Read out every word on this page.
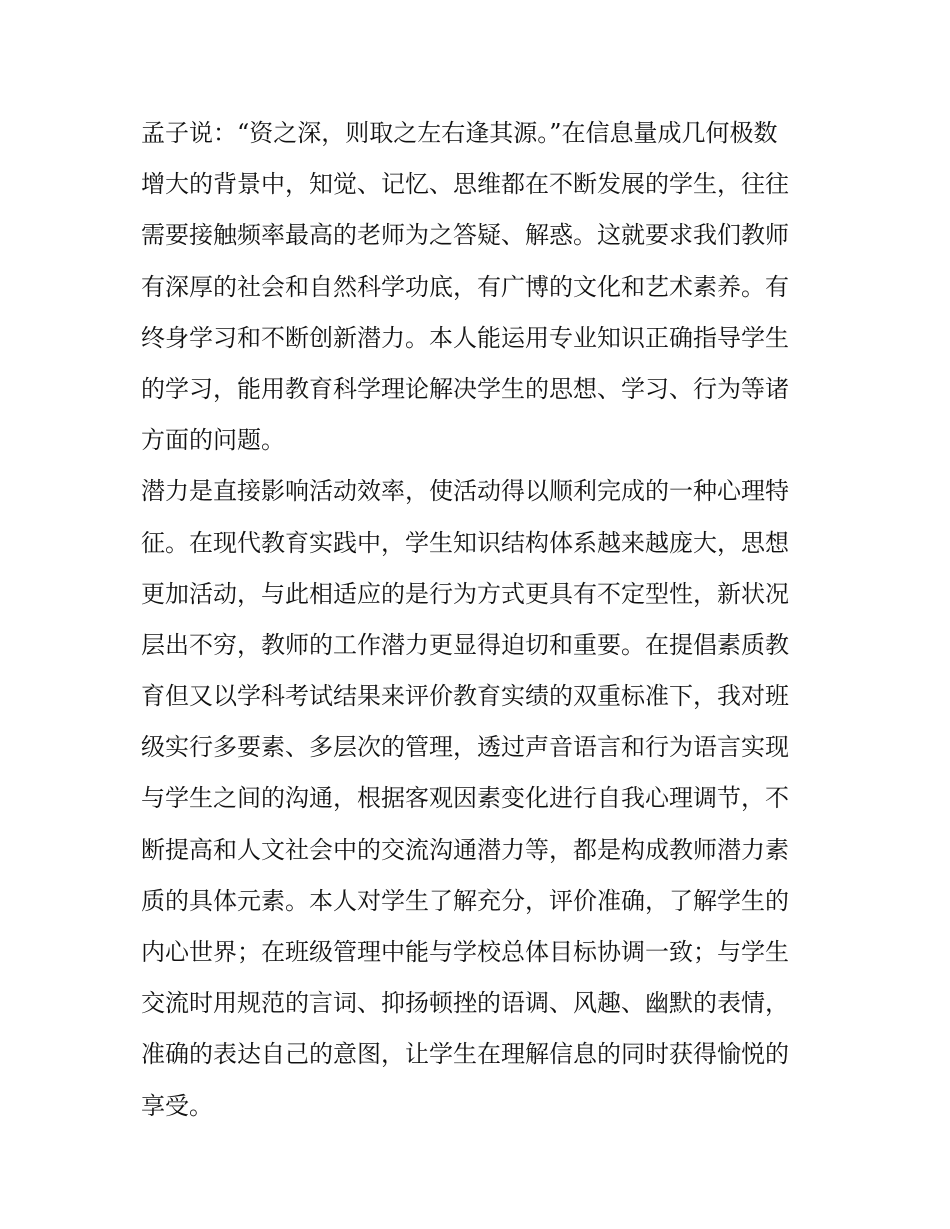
孟子说：“资之深，则取之左右逢其源。”在信息量成几何极数
增大的背景中，知觉、记忆、思维都在不断发展的学生，往往
需要接触频率最高的老师为之答疑、解惑。这就要求我们教师
有深厚的社会和自然科学功底，有广博的文化和艺术素养。有
终身学习和不断创新潜力。本人能运用专业知识正确指导学生
的学习，能用教育科学理论解决学生的思想、学习、行为等诸
方面的问题。
潜力是直接影响活动效率，使活动得以顺利完成的一种心理特
征。在现代教育实践中，学生知识结构体系越来越庞大，思想
更加活动，与此相适应的是行为方式更具有不定型性，新状况
层出不穷，教师的工作潜力更显得迫切和重要。在提倡素质教
育但又以学科考试结果来评价教育实绩的双重标准下，我对班
级实行多要素、多层次的管理，透过声音语言和行为语言实现
与学生之间的沟通，根据客观因素变化进行自我心理调节，不
断提高和人文社会中的交流沟通潜力等，都是构成教师潜力素
质的具体元素。本人对学生了解充分，评价准确，了解学生的
内心世界；在班级管理中能与学校总体目标协调一致；与学生
交流时用规范的言词、抑扬顿挫的语调、风趣、幽默的表情，
准确的表达自己的意图，让学生在理解信息的同时获得愉悦的
享受。
